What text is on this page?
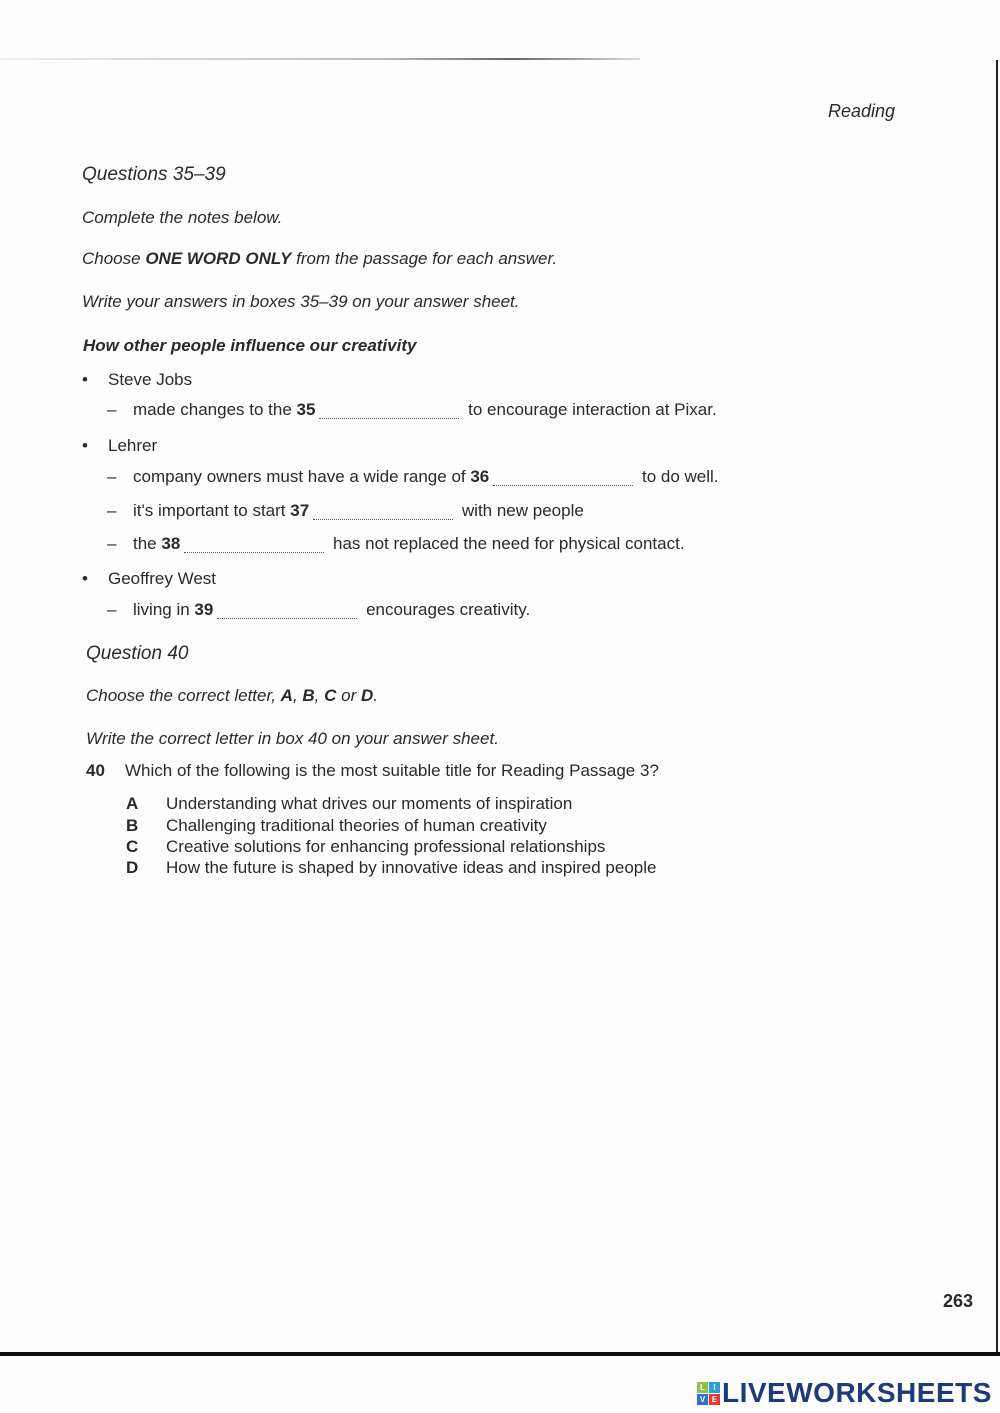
Reading
Questions 35–39
Complete the notes below.
Choose ONE WORD ONLY from the passage for each answer.
Write your answers in boxes 35–39 on your answer sheet.
How other people influence our creativity
• Steve Jobs
– made changes to the 35	to encourage interaction at Pixar.
• Lehrer
– company owners must have a wide range of 36	to do well.
– it's important to start 37	with new people
– the 38	has not replaced the need for physical contact.
• Geoffrey West
– living in 39	encourages creativity.
Question 40
Choose the correct letter, A, B, C or D.
Write the correct letter in box 40 on your answer sheet.
40 Which of the following is the most suitable title for Reading Passage 3?
A Understanding what drives our moments of inspiration
B Challenging traditional theories of human creativity
C Creative solutions for enhancing professional relationships
D How the future is shaped by innovative ideas and inspired people
263
L	I
V E LIVEWORKSHEETS
